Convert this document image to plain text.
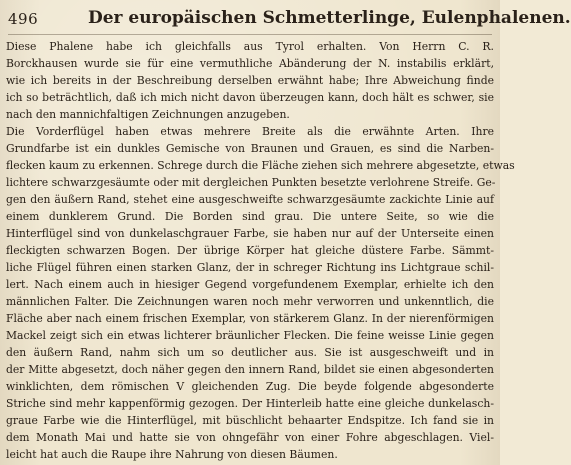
496	Der europäischen Schmetterlinge, Eulenphalenen.
Diese Phalene habe ich gleichfalls aus Tyrol erhalten. Von Herrn C. R.
Borckhausen wurde sie für eine vermuthliche Abänderung der N. instabilis erklärt,
wie ich bereits in der Beschreibung derselben erwähnt habe; Ihre Abweichung finde
ich so beträchtlich, daß ich mich nicht davon überzeugen kann, doch hält es schwer, sie
nach den mannichfaltigen Zeichnungen anzugeben.
Die Vorderflügel haben etwas mehrere Breite als die erwähnte Arten. Ihre
Grundfarbe ist ein dunkles Gemische von Braunen und Grauen, es sind die Narben-
flecken kaum zu erkennen. Schrege durch die Fläche ziehen sich mehrere abgesetzte, etwas
lichtere schwarzgesäumte oder mit dergleichen Punkten besetzte verlohrene Streife. Ge-
gen den äußern Rand, stehet eine ausgeschweifte schwarzgesäumte zackichte Linie auf
einem dunklerem Grund. Die Borden sind grau. Die untere Seite, so wie die
Hinterflügel sind von dunkelaschgrauer Farbe, sie haben nur auf der Unterseite einen
fleckigten schwarzen Bogen. Der übrige Körper hat gleiche düstere Farbe. Sämmt-
liche Flügel führen einen starken Glanz, der in schreger Richtung ins Lichtgraue schil-
lert. Nach einem auch in hiesiger Gegend vorgefundenem Exemplar, erhielte ich den
männlichen Falter. Die Zeichnungen waren noch mehr verworren und unkenntlich, die
Fläche aber nach einem frischen Exemplar, von stärkerem Glanz. In der nierenförmigen
Mackel zeigt sich ein etwas lichterer bräunlicher Flecken. Die feine weisse Linie gegen
den äußern Rand, nahm sich um so deutlicher aus. Sie ist ausgeschweift und in
der Mitte abgesetzt, doch näher gegen den innern Rand, bildet sie einen abgesonderten
winklichten, dem römischen V gleichenden Zug. Die beyde folgende abgesonderte
Striche sind mehr kappenförmig gezogen. Der Hinterleib hatte eine gleiche dunkelasch-
graue Farbe wie die Hinterflügel, mit büschlicht behaarter Endspitze. Ich fand sie in
dem Monath Mai und hatte sie von ohngefähr von einer Fohre abgeschlagen. Viel-
leicht hat auch die Raupe ihre Nahrung von diesen Bäumen.
